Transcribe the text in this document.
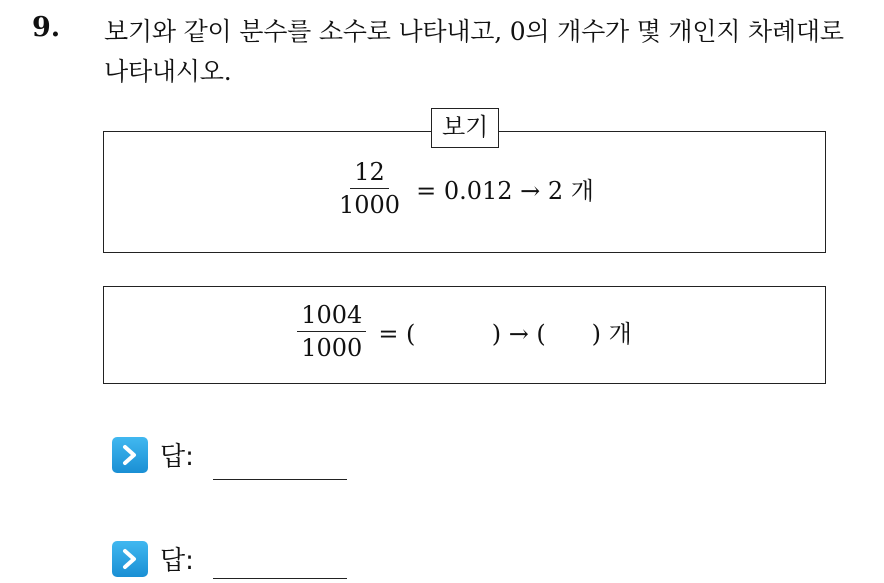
9. 보기와 같이 분수를 소수로 나타내고, 0의 개수가 몇 개인지 차례대로 나타내시오.
보기
$\frac{12}{1000} = 0.012 \to 2$ 개
$\frac{1004}{1000}$ = (          ) → (      ) 개
답:
답:
